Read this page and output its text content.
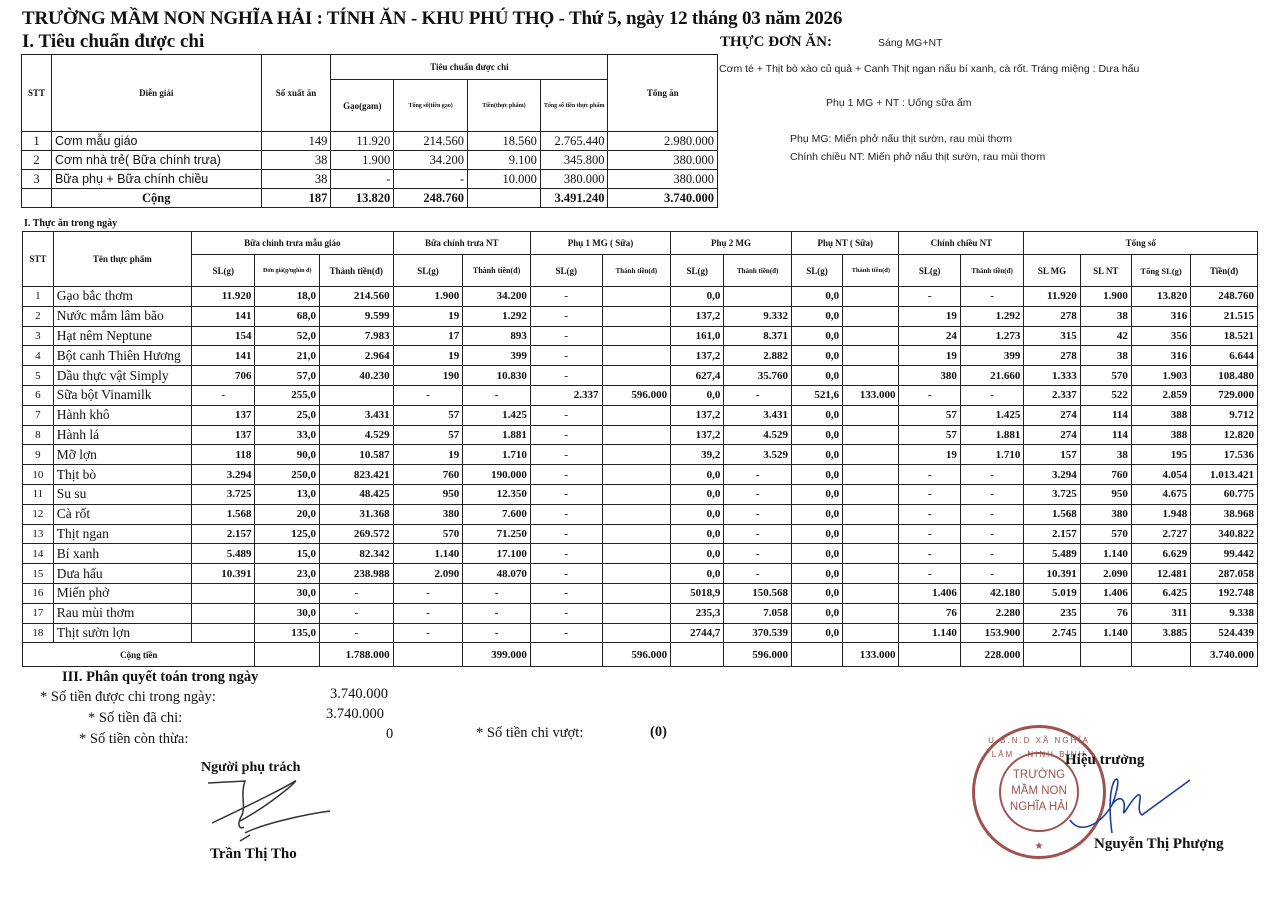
TRƯỜNG MẦM NON NGHĨA HẢI : TÍNH ĂN - KHU PHÚ THỌ - Thứ 5, ngày 12 tháng 03 năm 2026
I. Tiêu chuẩn được chi	THỰC ĐƠN ĂN:	Sáng MG+NT
Cơm té + Thịt bò xào củ quả + Canh Thịt ngan nấu bí xanh, cà rốt. Tráng miệng : Dưa hấu
Phụ 1 MG + NT : Uống sữa ấm
Phụ MG: Miến phở nấu thịt sườn, rau mùi thơm
Chính chiều NT: Miến phở nấu thịt sườn, rau mùi thơm
STT	Diễn giải	Số xuất ăn	Tiêu chuẩn được chi				Tổng ăn
			Gạo(gam)	Tổng số(tiền gạo)	Tiền(thực phẩm)	Tổng số tiền thực phẩm	
1	Cơm mẫu giáo	149	11.920	214.560	18.560	2.765.440	2.980.000
2	Cơm nhà trẻ( Bữa chính trưa)	38	1.900	34.200	9.100	345.800	380.000
3	Bữa phụ + Bữa chính chiều	38	-	-	10.000	380.000	380.000
	Cộng	187	13.820	248.760		3.491.240	3.740.000
I. Thực ăn trong ngày
STT	Tên thực phẩm	Bữa chính trưa mẫu giáo			Bữa chính trưa NT		Phụ 1 MG ( Sữa)		Phụ 2 MG		Phụ NT ( Sữa)		Chính chiều NT		Tổng số			
		SL(g)	Đơn giá(g/nghìn đ)	Thành tiền(đ)	SL(g)	Thành tiền(đ)	SL(g)	Thành tiền(đ)	SL(g)	Thành tiền(đ)	SL(g)	Thành tiền(đ)	SL(g)	Thành tiền(đ)	SL MG	SL NT	Tổng SL(g)	Tiền(đ)
1	Gạo bắc thơm	11.920	18,0	214.560	1.900	34.200	-		0,0		0,0		-	-	11.920	1.900	13.820	248.760
2	Nước mắm lâm bão	141	68,0	9.599	19	1.292	-		137,2	9.332	0,0		19	1.292	278	38	316	21.515
3	Hạt nêm Neptune	154	52,0	7.983	17	893	-		161,0	8.371	0,0		24	1.273	315	42	356	18.521
4	Bột canh Thiên Hương	141	21,0	2.964	19	399	-		137,2	2.882	0,0		19	399	278	38	316	6.644
5	Dầu thực vật Simply	706	57,0	40.230	190	10.830	-		627,4	35.760	0,0		380	21.660	1.333	570	1.903	108.480
6	Sữa bột Vinamilk	-	255,0		-	-	2.337	596.000	0,0	-	521,6	133.000	-	-	2.337	522	2.859	729.000
7	Hành khô	137	25,0	3.431	57	1.425	-		137,2	3.431	0,0		57	1.425	274	114	388	9.712
8	Hành lá	137	33,0	4.529	57	1.881	-		137,2	4.529	0,0		57	1.881	274	114	388	12.820
9	Mỡ lợn	118	90,0	10.587	19	1.710	-		39,2	3.529	0,0		19	1.710	157	38	195	17.536
10	Thịt bò	3.294	250,0	823.421	760	190.000	-		0,0	-	0,0		-	-	3.294	760	4.054	1.013.421
11	Su su	3.725	13,0	48.425	950	12.350	-		0,0	-	0,0		-	-	3.725	950	4.675	60.775
12	Cà rốt	1.568	20,0	31.368	380	7.600	-		0,0	-	0,0		-	-	1.568	380	1.948	38.968
13	Thịt ngan	2.157	125,0	269.572	570	71.250	-		0,0	-	0,0		-	-	2.157	570	2.727	340.822
14	Bí xanh	5.489	15,0	82.342	1.140	17.100	-		0,0	-	0,0		-	-	5.489	1.140	6.629	99.442
15	Dưa hấu	10.391	23,0	238.988	2.090	48.070	-		0,0	-	0,0		-	-	10.391	2.090	12.481	287.058
16	Miến phở		30,0	-	-	-	-		5018,9	150.568	0,0		1.406	42.180	5.019	1.406	6.425	192.748
17	Rau mùi thơm		30,0	-	-	-	-		235,3	7.058	0,0		76	2.280	235	76	311	9.338
18	Thịt sườn lợn		135,0	-	-	-	-		2744,7	370.539	0,0		1.140	153.900	2.745	1.140	3.885	524.439
Cộng tiền				1.788.000		399.000		596.000		596.000		133.000		228.000				3.740.000
III. Phân quyết toán trong ngày
* Số tiền được chi trong ngày:	3.740.000
* Số tiền đã chi:	3.740.000
* Số tiền còn thừa:	0	* Số tiền chi vượt:	(0)
Người phụ trách
Trần Thị Tho
TRƯỜNG
MẦM NON
NGHĨA HẢI
U.B.N.D XÃ NGHĨA LÂM · NINH BÌNH
★
Hiệu trưởng
Nguyễn Thị Phượng
